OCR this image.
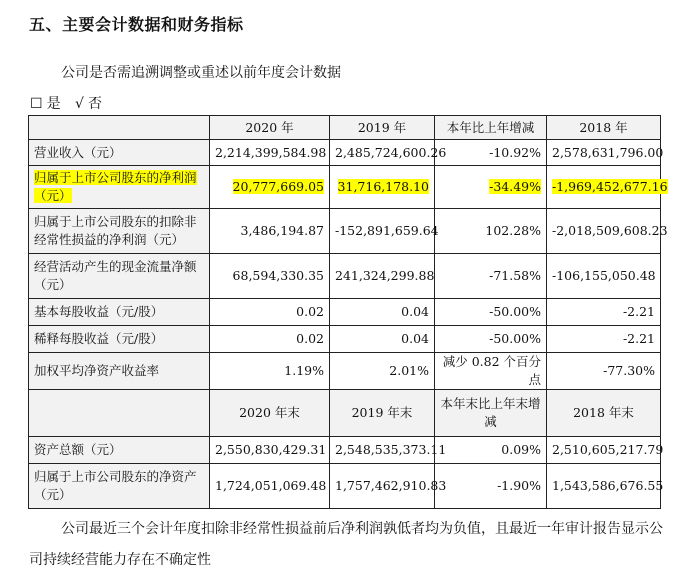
五、主要会计数据和财务指标
公司是否需追溯调整或重述以前年度会计数据
☐ 是 √ 否
	2020 年	2019 年	本年比上年增减	2018 年
营业收入（元）	2,214,399,584.98	2,485,724,600.26	-10.92%	2,578,631,796.00
归属于上市公司股东的净利润（元）	20,777,669.05	31,716,178.10	-34.49%	-1,969,452,677.16
归属于上市公司股东的扣除非经常性损益的净利润（元）	3,486,194.87	-152,891,659.64	102.28%	-2,018,509,608.23
经营活动产生的现金流量净额（元）	68,594,330.35	241,324,299.88	-71.58%	-106,155,050.48
基本每股收益（元/股）	0.02	0.04	-50.00%	-2.21
稀释每股收益（元/股）	0.02	0.04	-50.00%	-2.21
加权平均净资产收益率	1.19%	2.01%	减少 0.82 个百分点	-77.30%
	2020 年末	2019 年末	本年末比上年末增减	2018 年末
资产总额（元）	2,550,830,429.31	2,548,535,373.11	0.09%	2,510,605,217.79
归属于上市公司股东的净资产（元）	1,724,051,069.48	1,757,462,910.83	-1.90%	1,543,586,676.55
公司最近三个会计年度扣除非经常性损益前后净利润孰低者均为负值，且最近一年审计报告显示公司持续经营能力存在不确定性
